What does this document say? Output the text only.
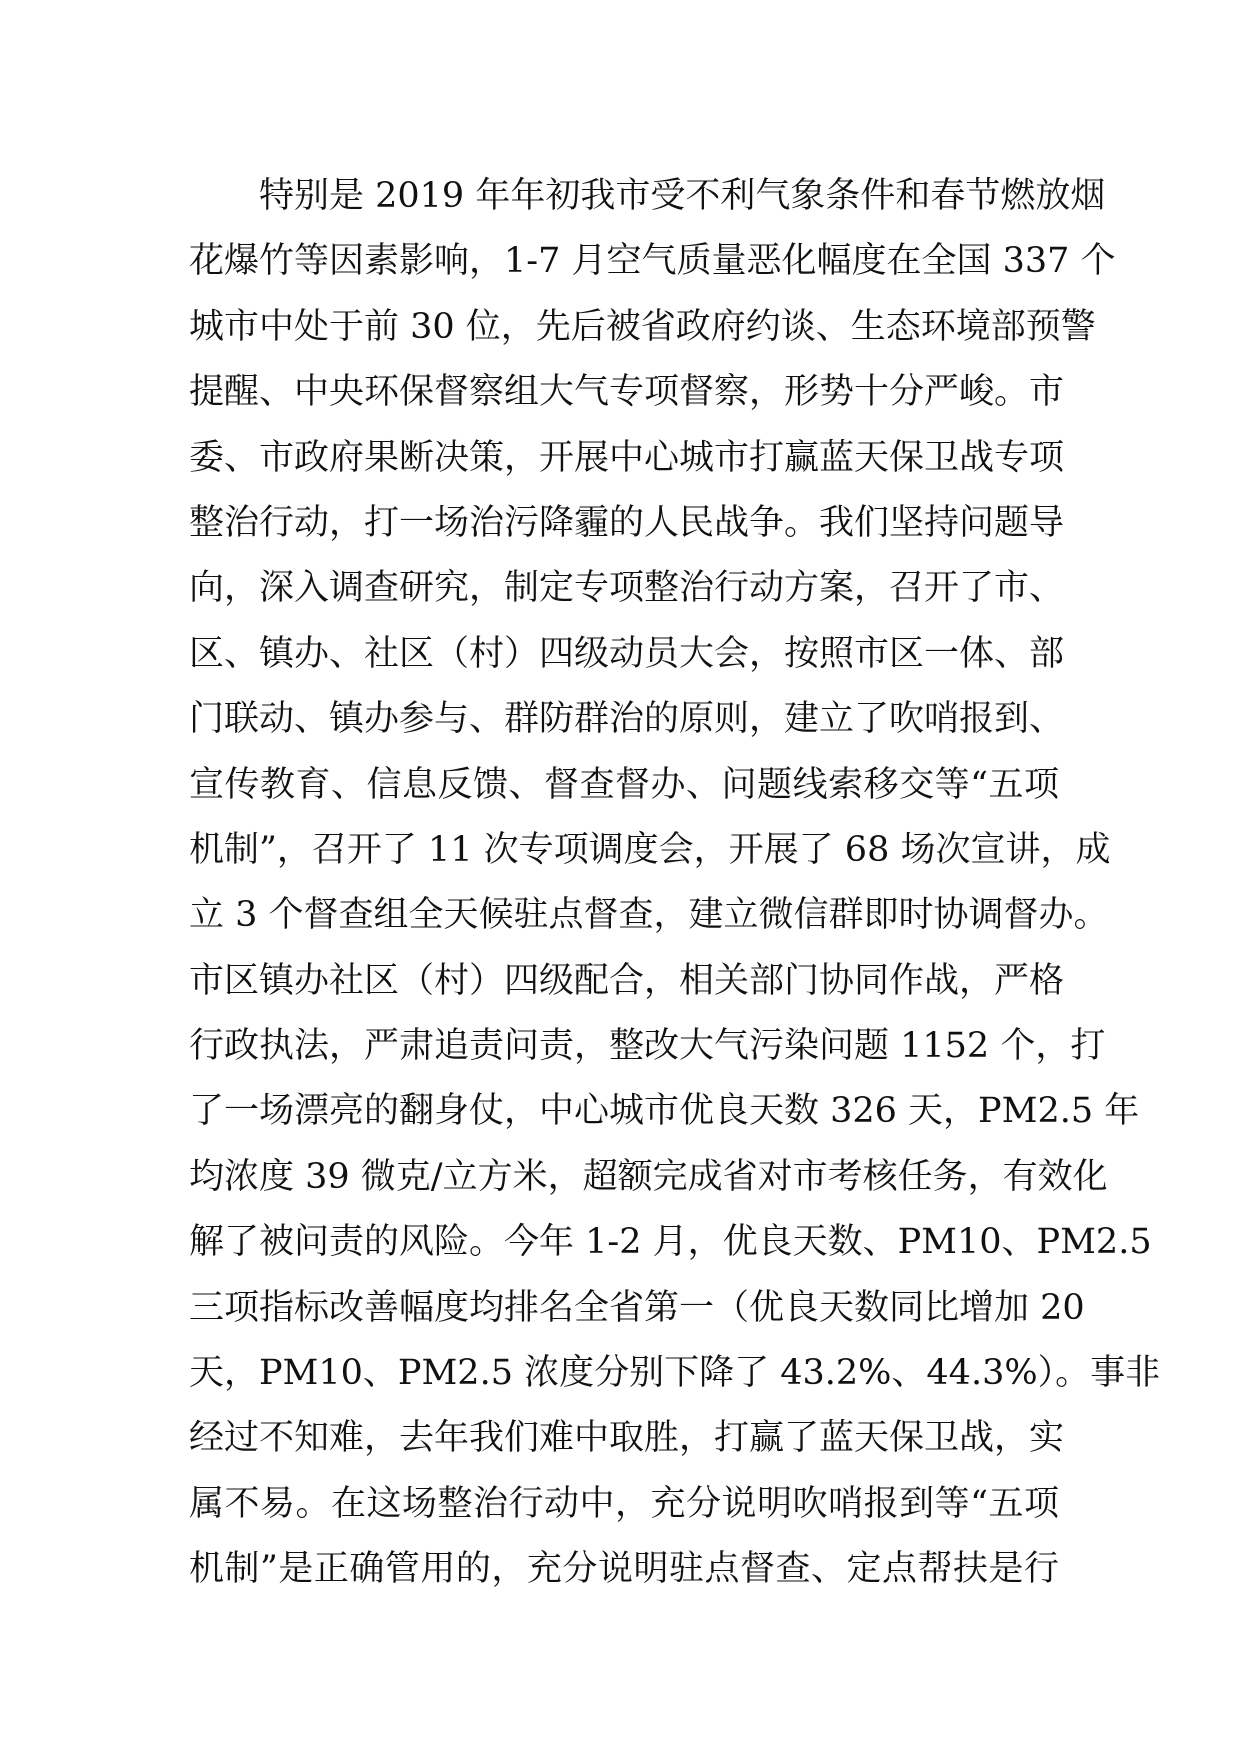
特别是 2019 年年初我市受不利气象条件和春节燃放烟
花爆竹等因素影响，1-7 月空气质量恶化幅度在全国 337 个
城市中处于前 30 位，先后被省政府约谈、生态环境部预警
提醒、中央环保督察组大气专项督察，形势十分严峻。市
委、市政府果断决策，开展中心城市打赢蓝天保卫战专项
整治行动，打一场治污降霾的人民战争。我们坚持问题导
向，深入调查研究，制定专项整治行动方案，召开了市、
区、镇办、社区（村）四级动员大会，按照市区一体、部
门联动、镇办参与、群防群治的原则，建立了吹哨报到、
宣传教育、信息反馈、督查督办、问题线索移交等“五项
机制”，召开了 11 次专项调度会，开展了 68 场次宣讲，成
立 3 个督查组全天候驻点督查，建立微信群即时协调督办。
市区镇办社区（村）四级配合，相关部门协同作战，严格
行政执法，严肃追责问责，整改大气污染问题 1152 个，打
了一场漂亮的翻身仗，中心城市优良天数 326 天，PM2.5 年
均浓度 39 微克/立方米，超额完成省对市考核任务，有效化
解了被问责的风险。今年 1-2 月，优良天数、PM10、PM2.5
三项指标改善幅度均排名全省第一（优良天数同比增加 20
天，PM10、PM2.5 浓度分别下降了 43.2%、44.3%）。事非
经过不知难，去年我们难中取胜，打赢了蓝天保卫战，实
属不易。在这场整治行动中，充分说明吹哨报到等“五项
机制”是正确管用的，充分说明驻点督查、定点帮扶是行
